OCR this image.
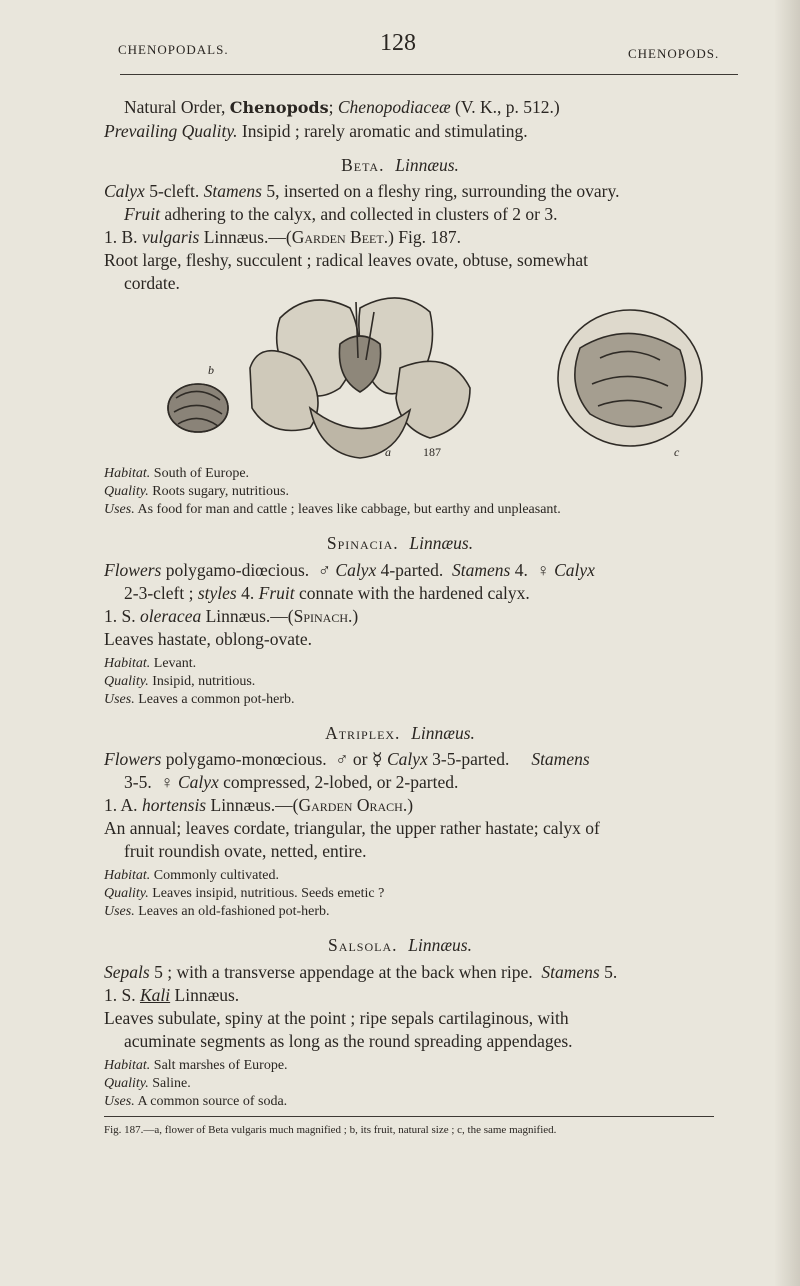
CHENOPODALS.	128	CHENOPODS.
Natural Order, Chenopods; Chenopodiaceæ (V. K., p. 512.)
Prevailing Quality. Insipid ; rarely aromatic and stimulating.
Beta. Linnæus.
Calyx 5-cleft. Stamens 5, inserted on a fleshy ring, surrounding the ovary.
Fruit adhering to the calyx, and collected in clusters of 2 or 3.
1. B. vulgaris Linnæus.—(Garden Beet.) Fig. 187.
Root large, fleshy, succulent ; radical leaves ovate, obtuse, somewhat
cordate.
b
a	187	c
Habitat. South of Europe.
Quality. Roots sugary, nutritious.
Uses. As food for man and cattle ; leaves like cabbage, but earthy and unpleasant.
Spinacia. Linnæus.
Flowers polygamo-diœcious. ♂ Calyx 4-parted. Stamens 4. ♀ Calyx
2-3-cleft ; styles 4. Fruit connate with the hardened calyx.
1. S. oleracea Linnæus.—(Spinach.)
Leaves hastate, oblong-ovate.
Habitat. Levant.
Quality. Insipid, nutritious.
Uses. Leaves a common pot-herb.
Atriplex. Linnæus.
Flowers polygamo-monœcious. ♂ or ☿ Calyx 3-5-parted. Stamens
3-5. ♀ Calyx compressed, 2-lobed, or 2-parted.
1. A. hortensis Linnæus.—(Garden Orach.)
An annual; leaves cordate, triangular, the upper rather hastate; calyx of
fruit roundish ovate, netted, entire.
Habitat. Commonly cultivated.
Quality. Leaves insipid, nutritious. Seeds emetic ?
Uses. Leaves an old-fashioned pot-herb.
Salsola. Linnæus.
Sepals 5 ; with a transverse appendage at the back when ripe. Stamens 5.
1. S. Kali Linnæus.
Leaves subulate, spiny at the point ; ripe sepals cartilaginous, with
acuminate segments as long as the round spreading appendages.
Habitat. Salt marshes of Europe.
Quality. Saline.
Uses. A common source of soda.
Fig. 187.—a, flower of Beta vulgaris much magnified ; b, its fruit, natural size ; c, the same magnified.
